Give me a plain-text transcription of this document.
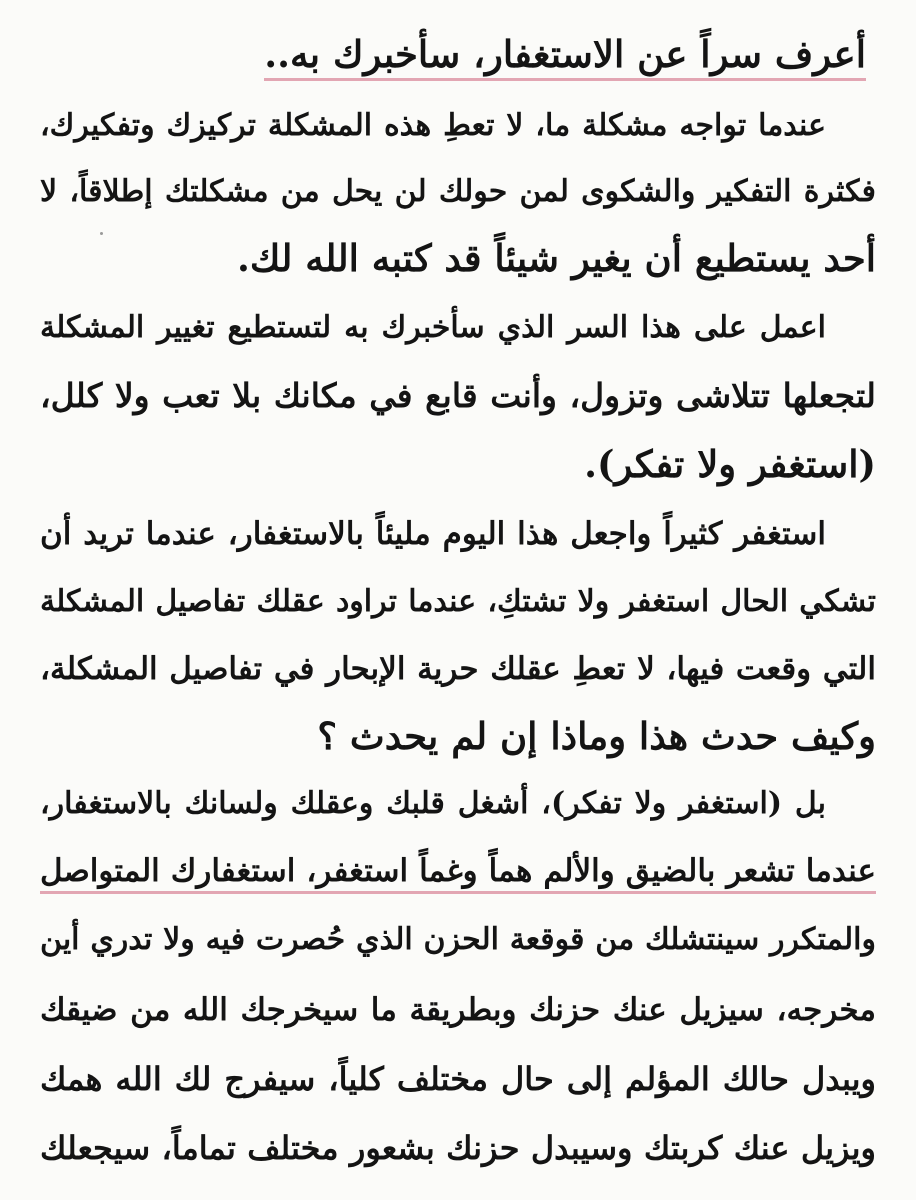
أعرف سراً عن الاستغفار، سأخبرك به..
عندما تواجه مشكلة ما، لا تعطِ هذه المشكلة تركيزك وتفكيرك،
فكثرة التفكير والشكوى لمن حولك لن يحل من مشكلتك إطلاقاً، لا
أحد يستطيع أن يغير شيئاً قد كتبه الله لك.
اعمل على هذا السر الذي سأخبرك به لتستطيع تغيير المشكلة
لتجعلها تتلاشى وتزول، وأنت قابع في مكانك بلا تعب ولا كلل،
(استغفر ولا تفكر).
استغفر كثيراً واجعل هذا اليوم مليئاً بالاستغفار، عندما تريد أن
تشكي الحال استغفر ولا تشتكِ، عندما تراود عقلك تفاصيل المشكلة
التي وقعت فيها، لا تعطِ عقلك حرية الإبحار في تفاصيل المشكلة،
وكيف حدث هذا وماذا إن لم يحدث ؟
بل (استغفر ولا تفكر)، أشغل قلبك وعقلك ولسانك بالاستغفار،
عندما تشعر بالضيق والألم هماً وغماً استغفر، استغفارك المتواصل
والمتكرر سينتشلك من قوقعة الحزن الذي حُصرت فيه ولا تدري أين
مخرجه، سيزيل عنك حزنك وبطريقة ما سيخرجك الله من ضيقك
ويبدل حالك المؤلم إلى حال مختلف كلياً، سيفرج لك الله همك
ويزيل عنك كربتك وسيبدل حزنك بشعور مختلف تماماً، سيجعلك
